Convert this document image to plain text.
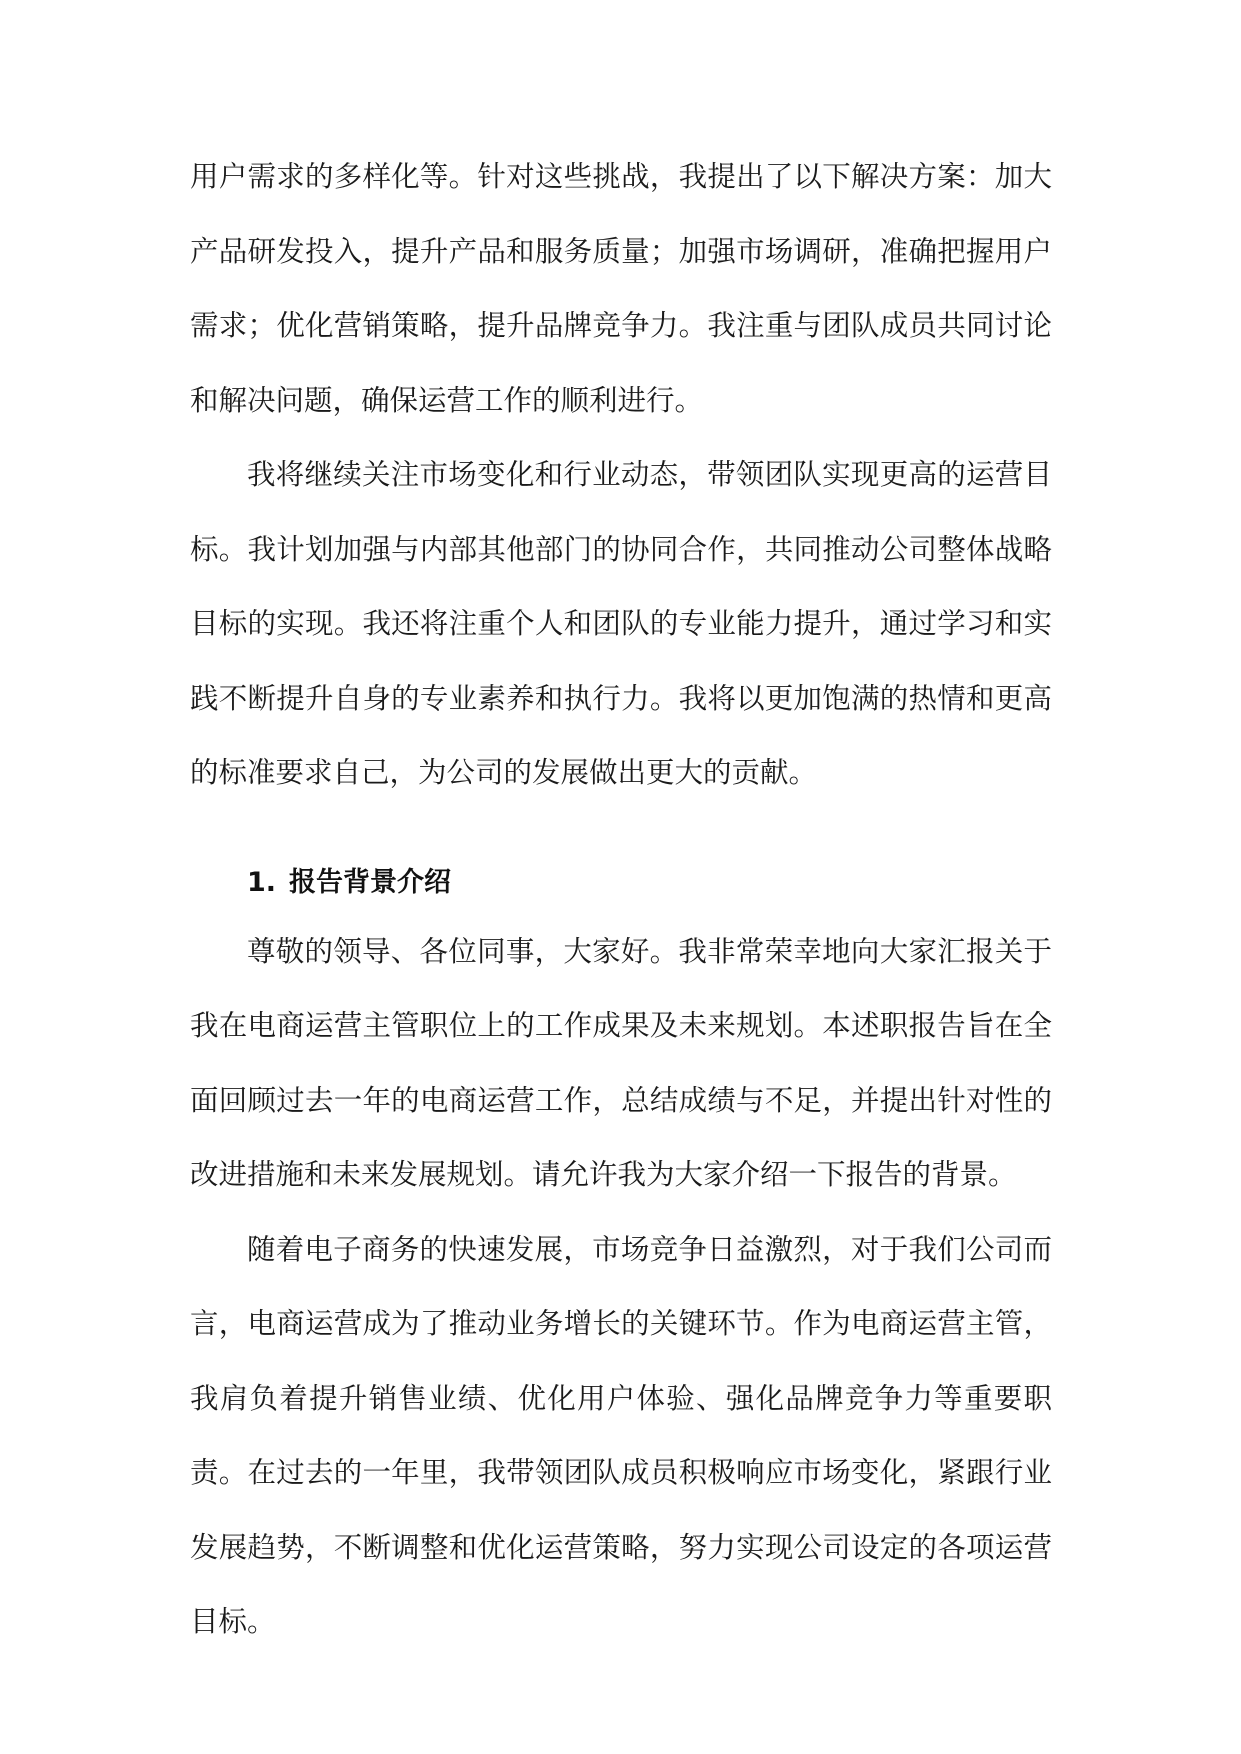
用户需求的多样化等。针对这些挑战，我提出了以下解决方案：加大产品研发投入，提升产品和服务质量；加强市场调研，准确把握用户需求；优化营销策略，提升品牌竞争力。我注重与团队成员共同讨论和解决问题，确保运营工作的顺利进行。

我将继续关注市场变化和行业动态，带领团队实现更高的运营目标。我计划加强与内部其他部门的协同合作，共同推动公司整体战略目标的实现。我还将注重个人和团队的专业能力提升，通过学习和实践不断提升自身的专业素养和执行力。我将以更加饱满的热情和更高的标准要求自己，为公司的发展做出更大的贡献。

1. 报告背景介绍

尊敬的领导、各位同事，大家好。我非常荣幸地向大家汇报关于我在电商运营主管职位上的工作成果及未来规划。本述职报告旨在全面回顾过去一年的电商运营工作，总结成绩与不足，并提出针对性的改进措施和未来发展规划。请允许我为大家介绍一下报告的背景。

随着电子商务的快速发展，市场竞争日益激烈，对于我们公司而言，电商运营成为了推动业务增长的关键环节。作为电商运营主管，我肩负着提升销售业绩、优化用户体验、强化品牌竞争力等重要职责。在过去的一年里，我带领团队成员积极响应市场变化，紧跟行业发展趋势，不断调整和优化运营策略，努力实现公司设定的各项运营目标。
